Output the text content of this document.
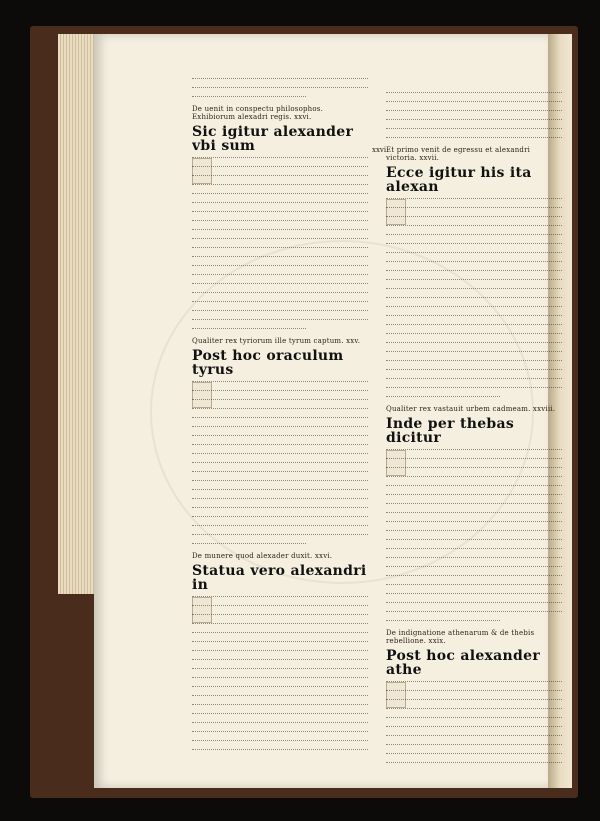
De uenit in conspectu philosophos. Exhibiorum alexadri regis. xxvi.
Sic igitur alexander vbi sum
Qualiter rex tyriorum ille tyrum captum. xxv.
Post hoc oraculum tyrus
De munere quod alexader duxit. xxvi.
Statua vero alexandri in
Et primo venit de egressu et alexandri victoria. xxvii.
Ecce igitur his ita alexan
Qualiter rex vastauit urbem cadmeam. xxviii.
Inde per thebas dicitur
De indignatione athenarum & de thebis rebellione. xxix.
Post hoc alexander athe
xxvi.
